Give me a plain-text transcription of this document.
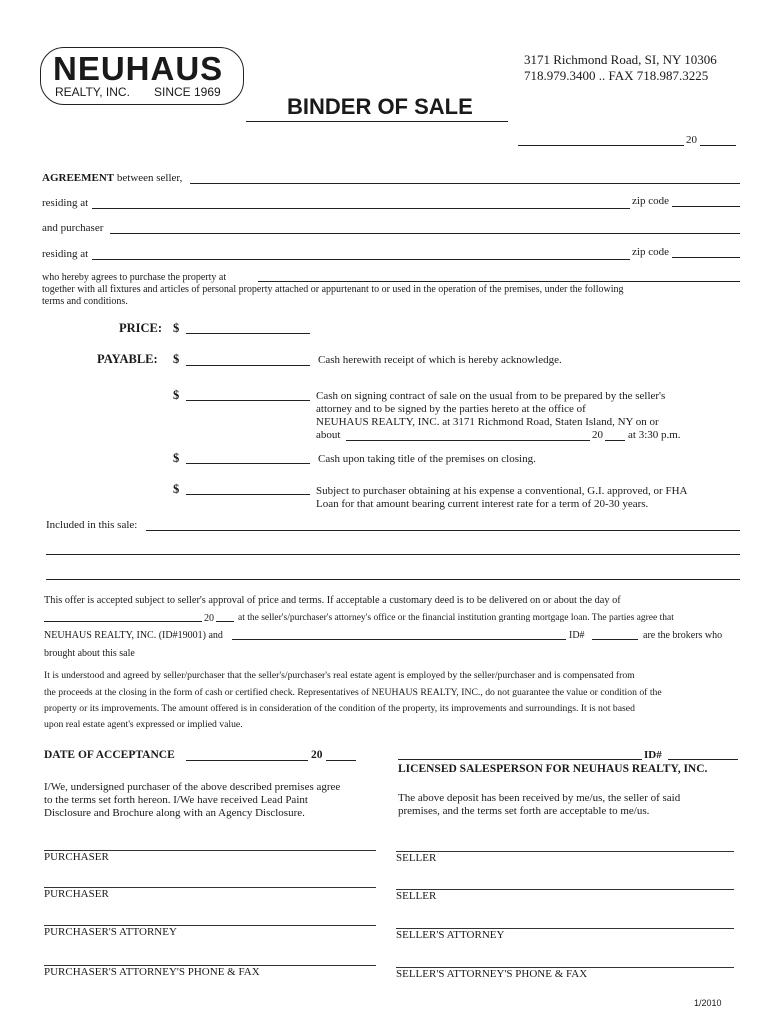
NEUHAUS
REALTY, INC. SINCE 1969
3171 Richmond Road, SI, NY 10306
718.979.3400 .. FAX 718.987.3225
BINDER OF SALE
20
AGREEMENT between seller,
residing at	zip code
and purchaser
residing at	zip code
who hereby agrees to purchase the property at
together with all fixtures and articles of personal property attached or appurtenant to or used in the operation of the premises, under the following
terms and conditions.
PRICE: $
PAYABLE: $	Cash herewith receipt of which is hereby acknowledge.
$	Cash on signing contract of sale on the usual from to be prepared by the seller's
attorney and to be signed by the parties hereto at the office of
NEUHAUS REALTY, INC. at 3171 Richmond Road, Staten Island, NY on or
about	20 at 3:30 p.m.
$	Cash upon taking title of the premises on closing.
$	Subject to purchaser obtaining at his expense a conventional, G.I. approved, or FHA
Loan for that amount bearing current interest rate for a term of 20-30 years.
Included in this sale:
This offer is accepted subject to seller's approval of price and terms. If acceptable a customary deed is to be delivered on or about the day of
20	at the seller's/purchaser's attorney's office or the financial institution granting mortgage loan. The parties agree that
NEUHAUS REALTY, INC. (ID#19001) and	ID#	are the brokers who
brought about this sale
It is understood and agreed by seller/purchaser that the seller's/purchaser's real estate agent is employed by the seller/purchaser and is compensated from
the proceeds at the closing in the form of cash or certified check. Representatives of NEUHAUS REALTY, INC., do not guarantee the value or condition of the
property or its improvements. The amount offered is in consideration of the condition of the property, its improvements and surroundings. It is not based
upon real estate agent's expressed or implied value.
DATE OF ACCEPTANCE	20	ID#
LICENSED SALESPERSON FOR NEUHAUS REALTY, INC.
I/We, undersigned purchaser of the above described premises agree
to the terms set forth hereon. I/We have received Lead Paint
Disclosure and Brochure along with an Agency Disclosure.
The above deposit has been received by me/us, the seller of said
premises, and the terms set forth are acceptable to me/us.
PURCHASER	SELLER
PURCHASER	SELLER
PURCHASER'S ATTORNEY	SELLER'S ATTORNEY
PURCHASER'S ATTORNEY'S PHONE & FAX	SELLER'S ATTORNEY'S PHONE & FAX
1/2010
